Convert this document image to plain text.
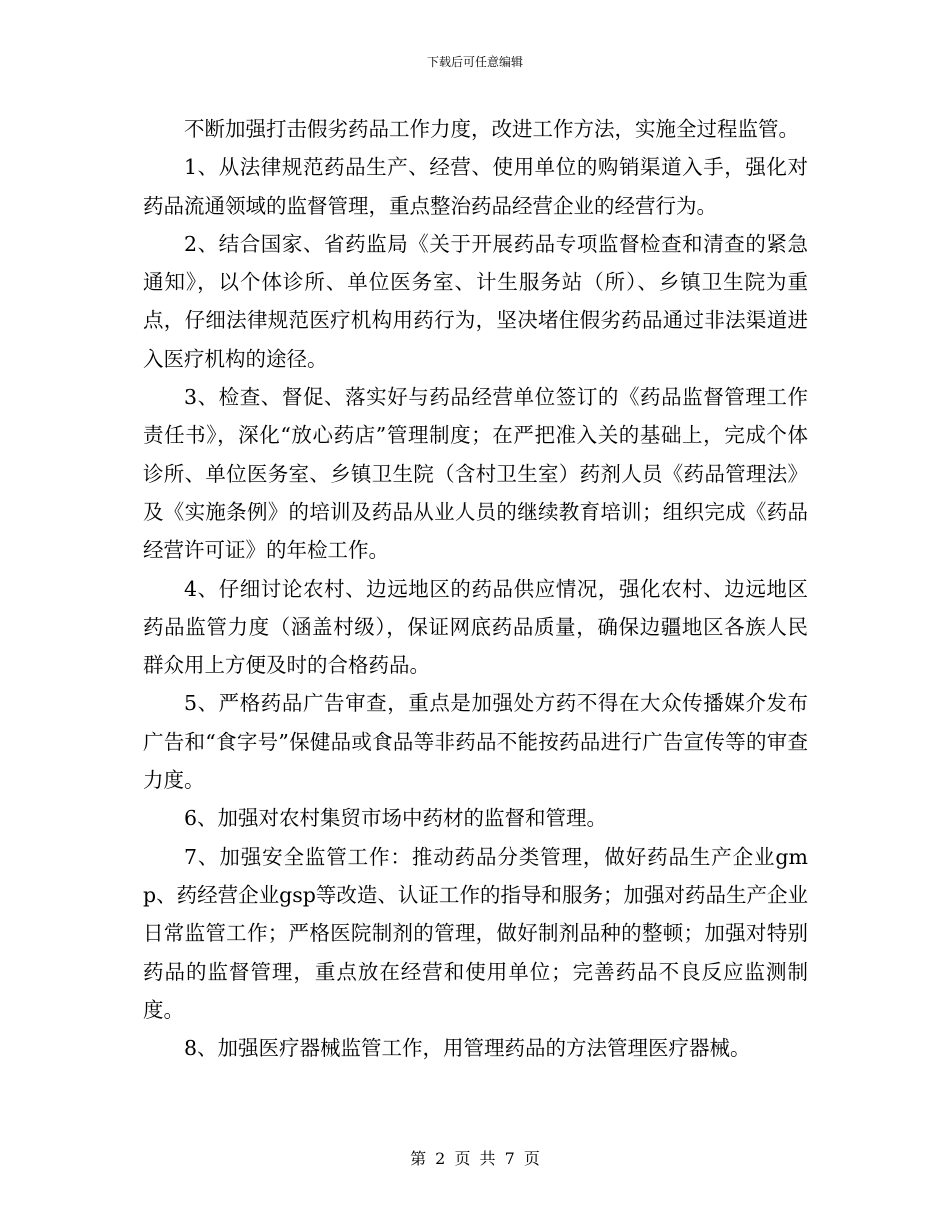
下载后可任意编辑

不断加强打击假劣药品工作力度，改进工作方法，实施全过程监管。

1、从法律规范药品生产、经营、使用单位的购销渠道入手，强化对药品流通领域的监督管理，重点整治药品经营企业的经营行为。

2、结合国家、省药监局《关于开展药品专项监督检查和清查的紧急通知》，以个体诊所、单位医务室、计生服务站（所）、乡镇卫生院为重点，仔细法律规范医疗机构用药行为，坚决堵住假劣药品通过非法渠道进入医疗机构的途径。

3、检查、督促、落实好与药品经营单位签订的《药品监督管理工作责任书》，深化“放心药店”管理制度；在严把准入关的基础上，完成个体诊所、单位医务室、乡镇卫生院（含村卫生室）药剂人员《药品管理法》及《实施条例》的培训及药品从业人员的继续教育培训；组织完成《药品经营许可证》的年检工作。

4、仔细讨论农村、边远地区的药品供应情况，强化农村、边远地区药品监管力度（涵盖村级），保证网底药品质量，确保边疆地区各族人民群众用上方便及时的合格药品。

5、严格药品广告审查，重点是加强处方药不得在大众传播媒介发布广告和“食字号”保健品或食品等非药品不能按药品进行广告宣传等的审查力度。

6、加强对农村集贸市场中药材的监督和管理。

7、加强安全监管工作：推动药品分类管理，做好药品生产企业gmp、药经营企业gsp等改造、认证工作的指导和服务；加强对药品生产企业日常监管工作；严格医院制剂的管理，做好制剂品种的整顿；加强对特别药品的监督管理，重点放在经营和使用单位；完善药品不良反应监测制度。

8、加强医疗器械监管工作，用管理药品的方法管理医疗器械。

第 2 页 共 7 页
